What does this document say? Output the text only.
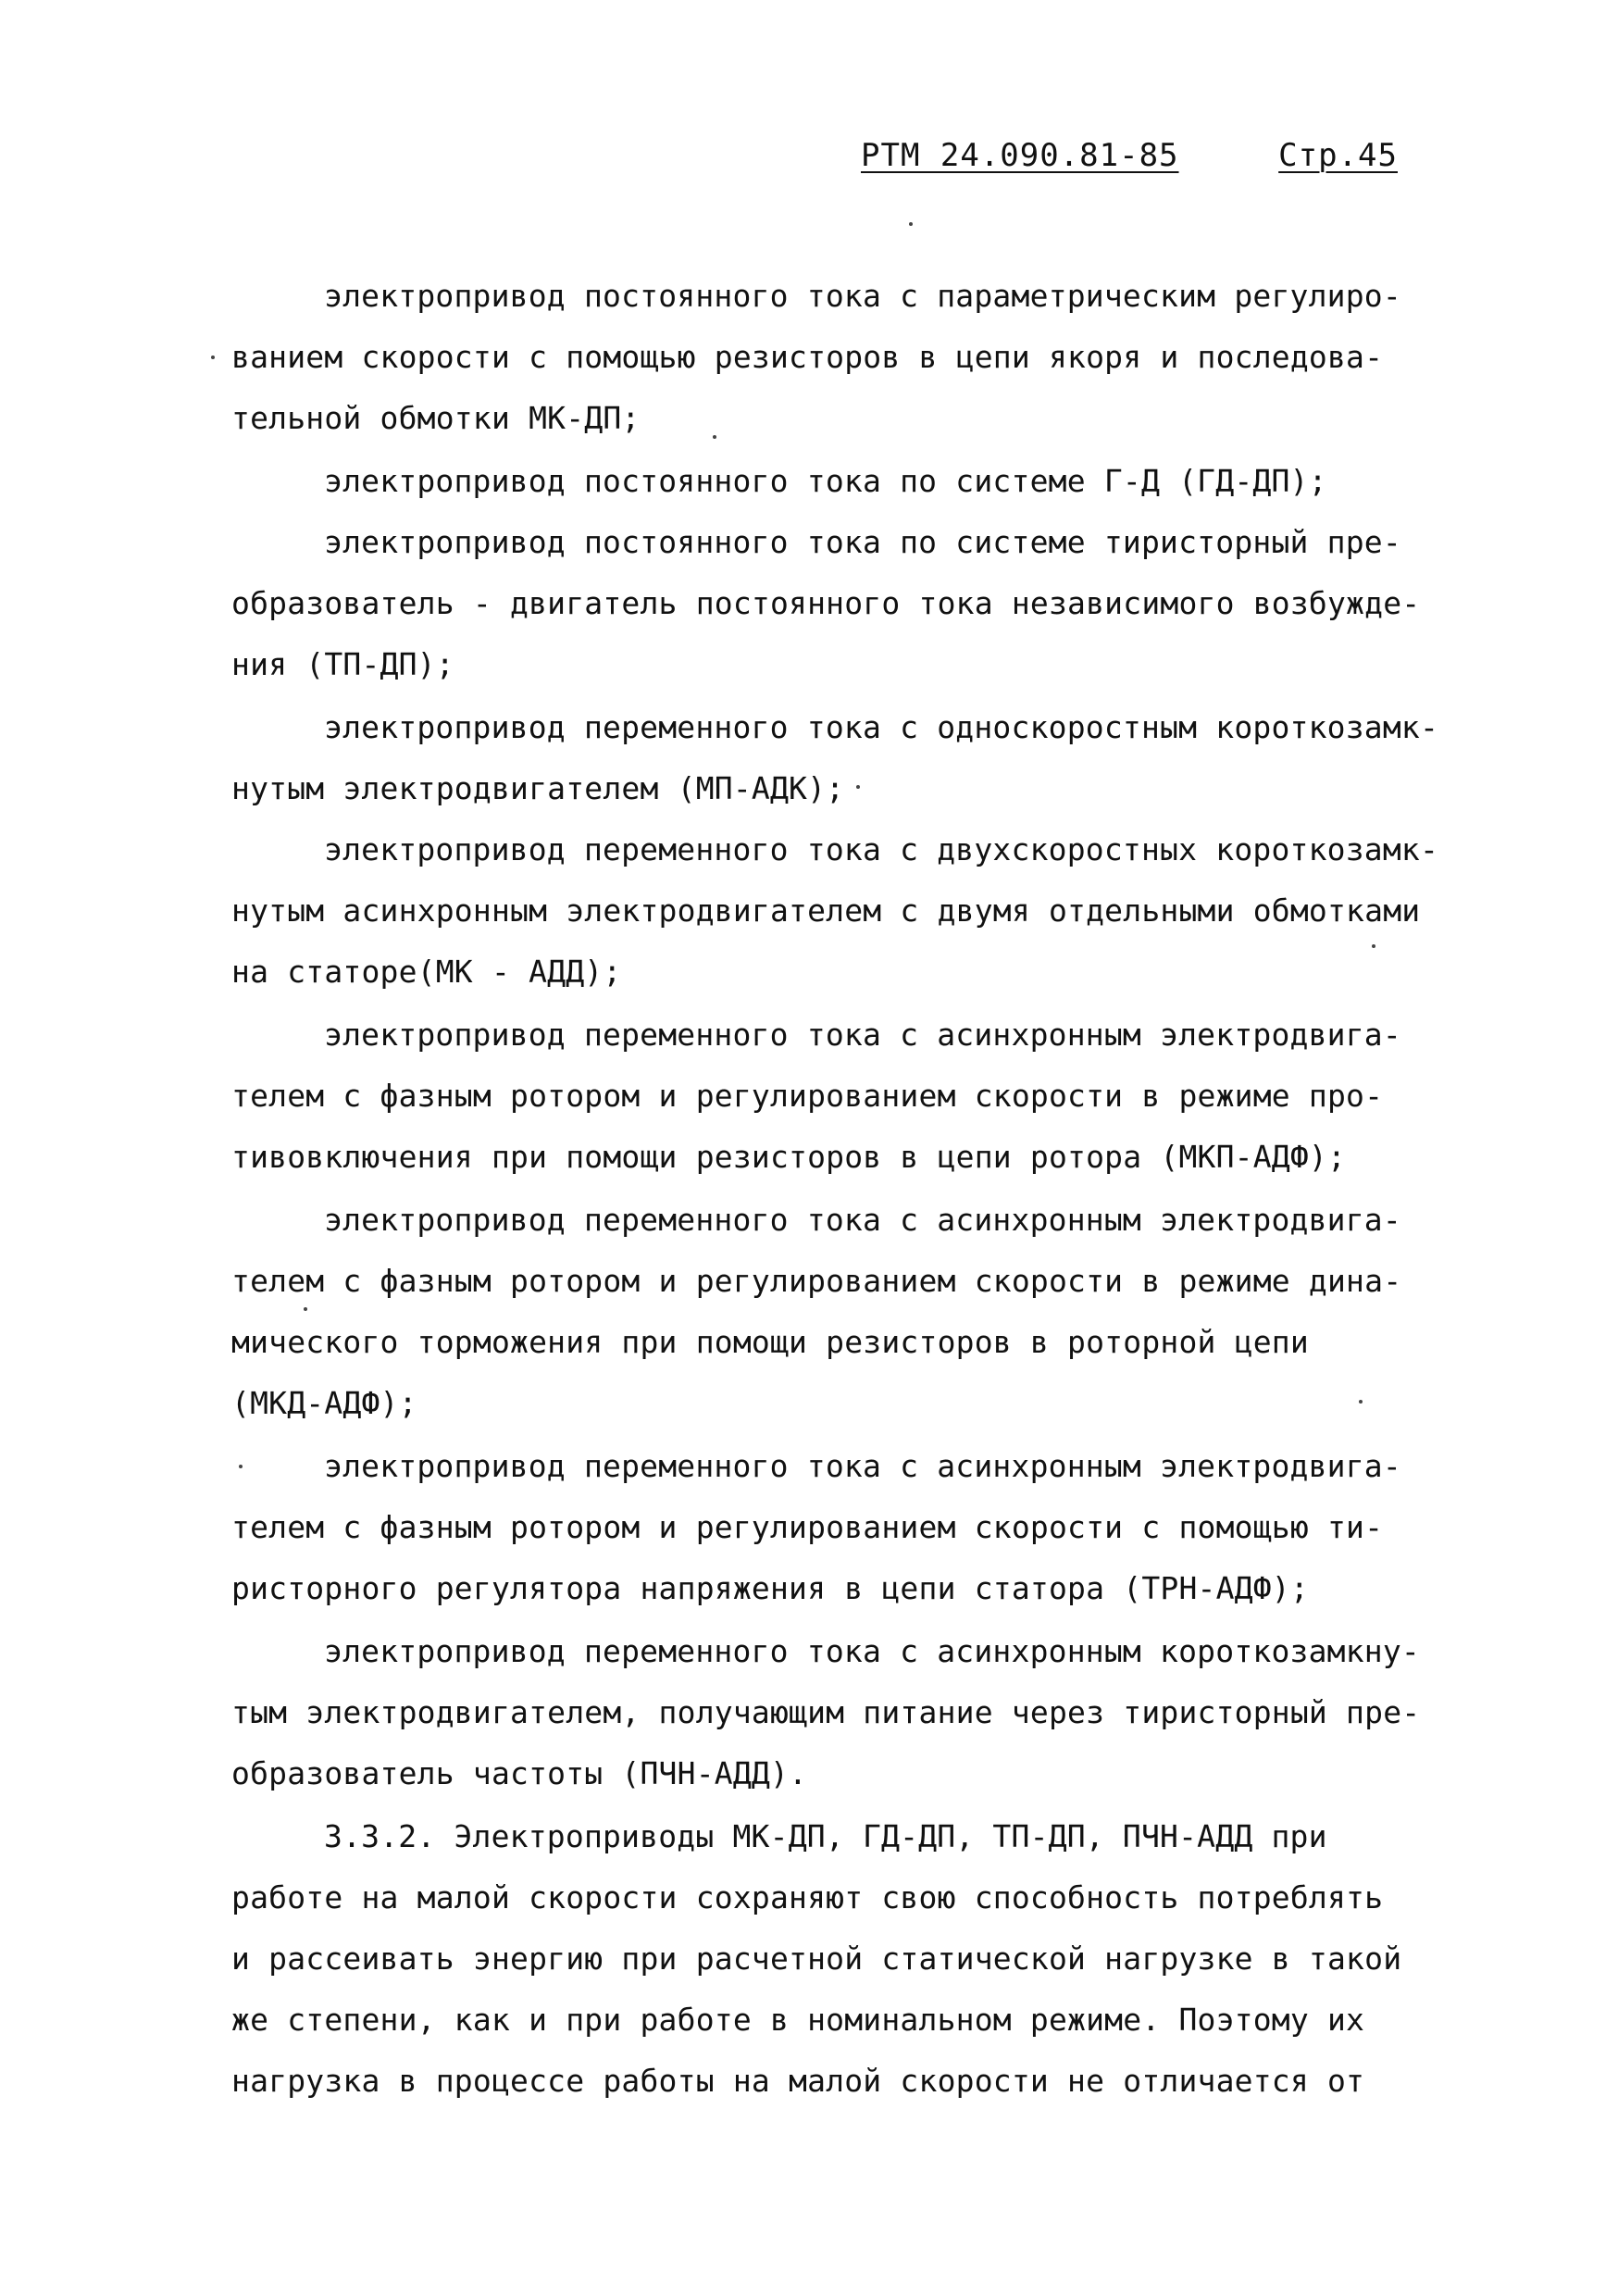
РТМ 24.090.81-85	Стр.45
электропривод постоянного тока с параметрическим регулиро-
ванием скорости с помощью резисторов в цепи якоря и последова-
тельной обмотки МК-ДП;
электропривод постоянного тока по системе Г-Д (ГД-ДП);
электропривод постоянного тока по системе тиристорный пре-
образователь - двигатель постоянного тока независимого возбужде-
ния (ТП-ДП);
электропривод переменного тока с односкоростным короткозамк-
нутым электродвигателем (МП-АДК);
электропривод переменного тока с двухскоростных короткозамк-
нутым асинхронным электродвигателем с двумя отдельными обмотками
на статоре(МК - АДД);
электропривод переменного тока с асинхронным электродвига-
телем с фазным ротором и регулированием скорости в режиме про-
тивовключения при помощи резисторов в цепи ротора (МКП-АДФ);
электропривод переменного тока с асинхронным электродвига-
телем с фазным ротором и регулированием скорости в режиме дина-
мического торможения при помощи резисторов в роторной цепи
(МКД-АДФ);
электропривод переменного тока с асинхронным электродвига-
телем с фазным ротором и регулированием скорости с помощью ти-
ристорного регулятора напряжения в цепи статора (ТРН-АДФ);
электропривод переменного тока с асинхронным короткозамкну-
тым электродвигателем, получающим питание через тиристорный пре-
образователь частоты (ПЧН-АДД).
3.3.2. Электроприводы МК-ДП, ГД-ДП, ТП-ДП, ПЧН-АДД при
работе на малой скорости сохраняют свою способность потреблять
и рассеивать энергию при расчетной статической нагрузке в такой
же степени, как и при работе в номинальном режиме. Поэтому их
нагрузка в процессе работы на малой скорости не отличается от
